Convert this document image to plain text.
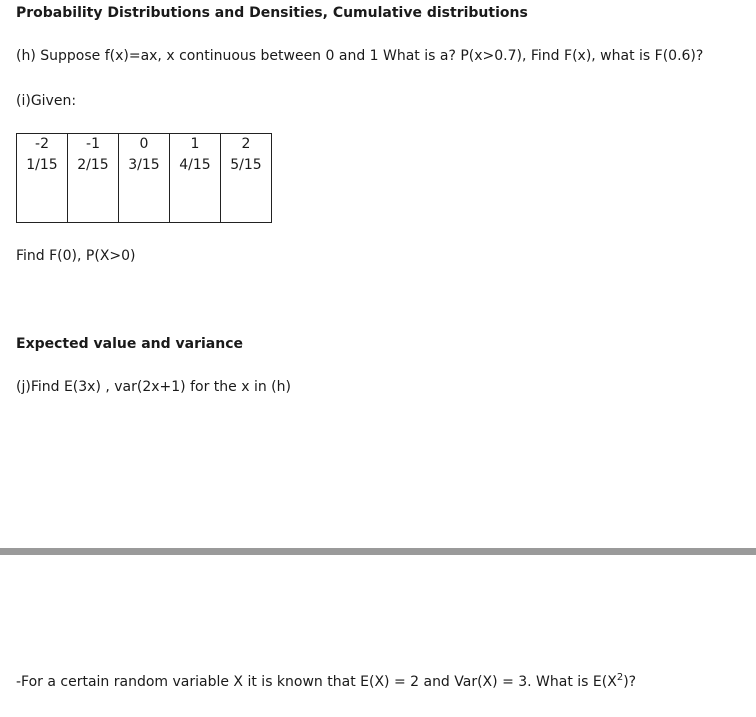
Probability Distributions and Densities, Cumulative distributions
(h) Suppose f(x)=ax, x continuous between 0 and 1 What is a? P(x>0.7), Find F(x), what is F(0.6)?
(i)Given:
-2	-1	0	1	2
1/15	2/15	3/15	4/15	5/15
Find F(0), P(X>0)
Expected value and variance
(j)Find E(3x) , var(2x+1) for the x in (h)
-For a certain random variable X it is known that E(X) = 2 and Var(X) = 3. What is $E(X^2)$?
